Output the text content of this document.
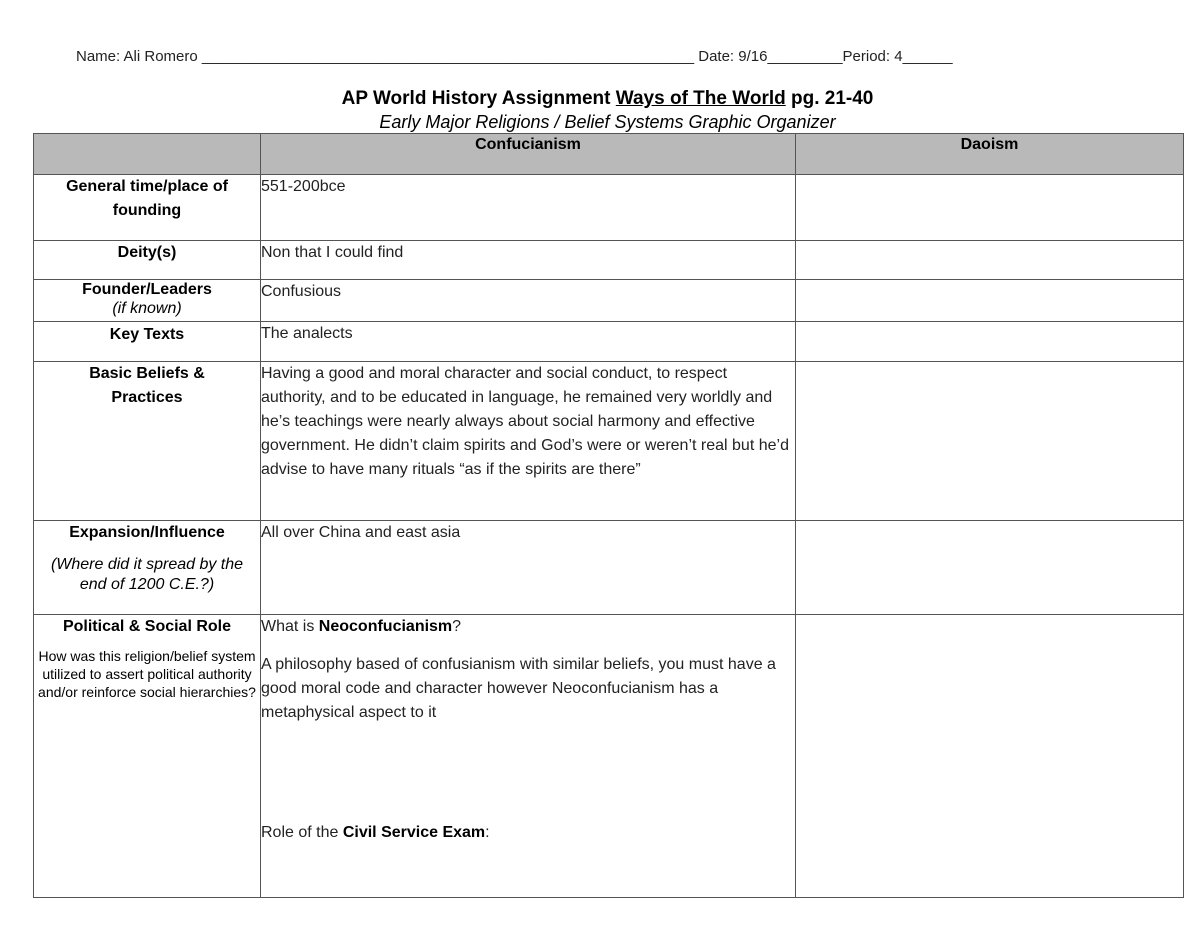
Name: Ali Romero ___________________________________________________________ Date: 9/16_________Period: 4______
AP World History Assignment Ways of The World pg. 21-40
Early Major Religions / Belief Systems Graphic Organizer
	Confucianism	Daoism
General time/place of founding	551-200bce	
Deity(s)	Non that I could find	
Founder/Leaders
(if known)	Confusious	
Key Texts	The analects	
Basic Beliefs & Practices	Having a good and moral character and social conduct, to respect authority, and to be educated in language, he remained very worldly and he’s teachings were nearly always about social harmony and effective government. He didn’t claim spirits and God’s were or weren’t real but he’d advise to have many rituals “as if the spirits are there”	
Expansion/Influence
(Where did it spread by the end of 1200 C.E.?)	All over China and east asia	
Political & Social Role
How was this religion/belief system utilized to assert political authority and/or reinforce social hierarchies?	What is Neoconfucianism?
A philosophy based of confusianism with similar beliefs, you must have a good moral code and character however Neoconfucianism has a metaphysical aspect to it
Role of the Civil Service Exam:	
